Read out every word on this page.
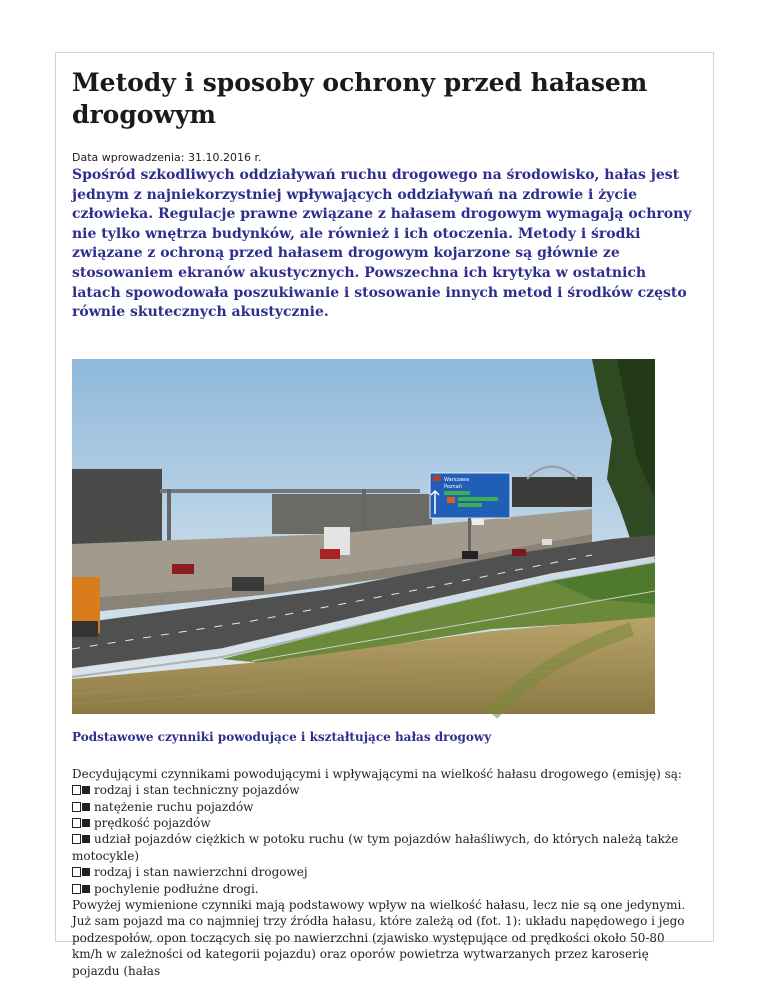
Metody i sposoby ochrony przed hałasem drogowym
Data wprowadzenia: 31.10.2016 r.

Spośród szkodliwych oddziaływań ruchu drogowego na środowisko, hałas jest jednym z najniekorzystniej wpływających oddziaływań na zdrowie i życie człowieka. Regulacje prawne związane z hałasem drogowym wymagają ochrony nie tylko wnętrza budynków, ale również i ich otoczenia. Metody i środki związane z ochroną przed hałasem drogowym kojarzone są głównie ze stosowaniem ekranów akustycznych. Powszechna ich krytyka w ostatnich latach spowodowała poszukiwanie i stosowanie innych metod i środków często równie skutecznych akustycznie.

Warszawa
Poznań
Podstawowe czynniki powodujące i kształtujące hałas drogowy

Decydującymi czynnikami powodującymi i wpływającymi na wielkość hałasu drogowego (emisję) są:

rodzaj i stan techniczny pojazdów
natężenie ruchu pojazdów
prędkość pojazdów
udział pojazdów ciężkich w potoku ruchu (w tym pojazdów hałaśliwych, do których należą także motocykle)
rodzaj i stan nawierzchni drogowej
pochylenie podłużne drogi.

Powyżej wymienione czynniki mają podstawowy wpływ na wielkość hałasu, lecz nie są one jedynymi. Już sam pojazd ma co najmniej trzy źródła hałasu, które zależą od (fot. 1): układu napędowego i jego podzespołów, opon toczących się po nawierzchni (zjawisko występujące od prędkości około 50-80 km/h w zależności od kategorii pojazdu) oraz oporów powietrza wytwarzanych przez karoserię pojazdu (hałas
